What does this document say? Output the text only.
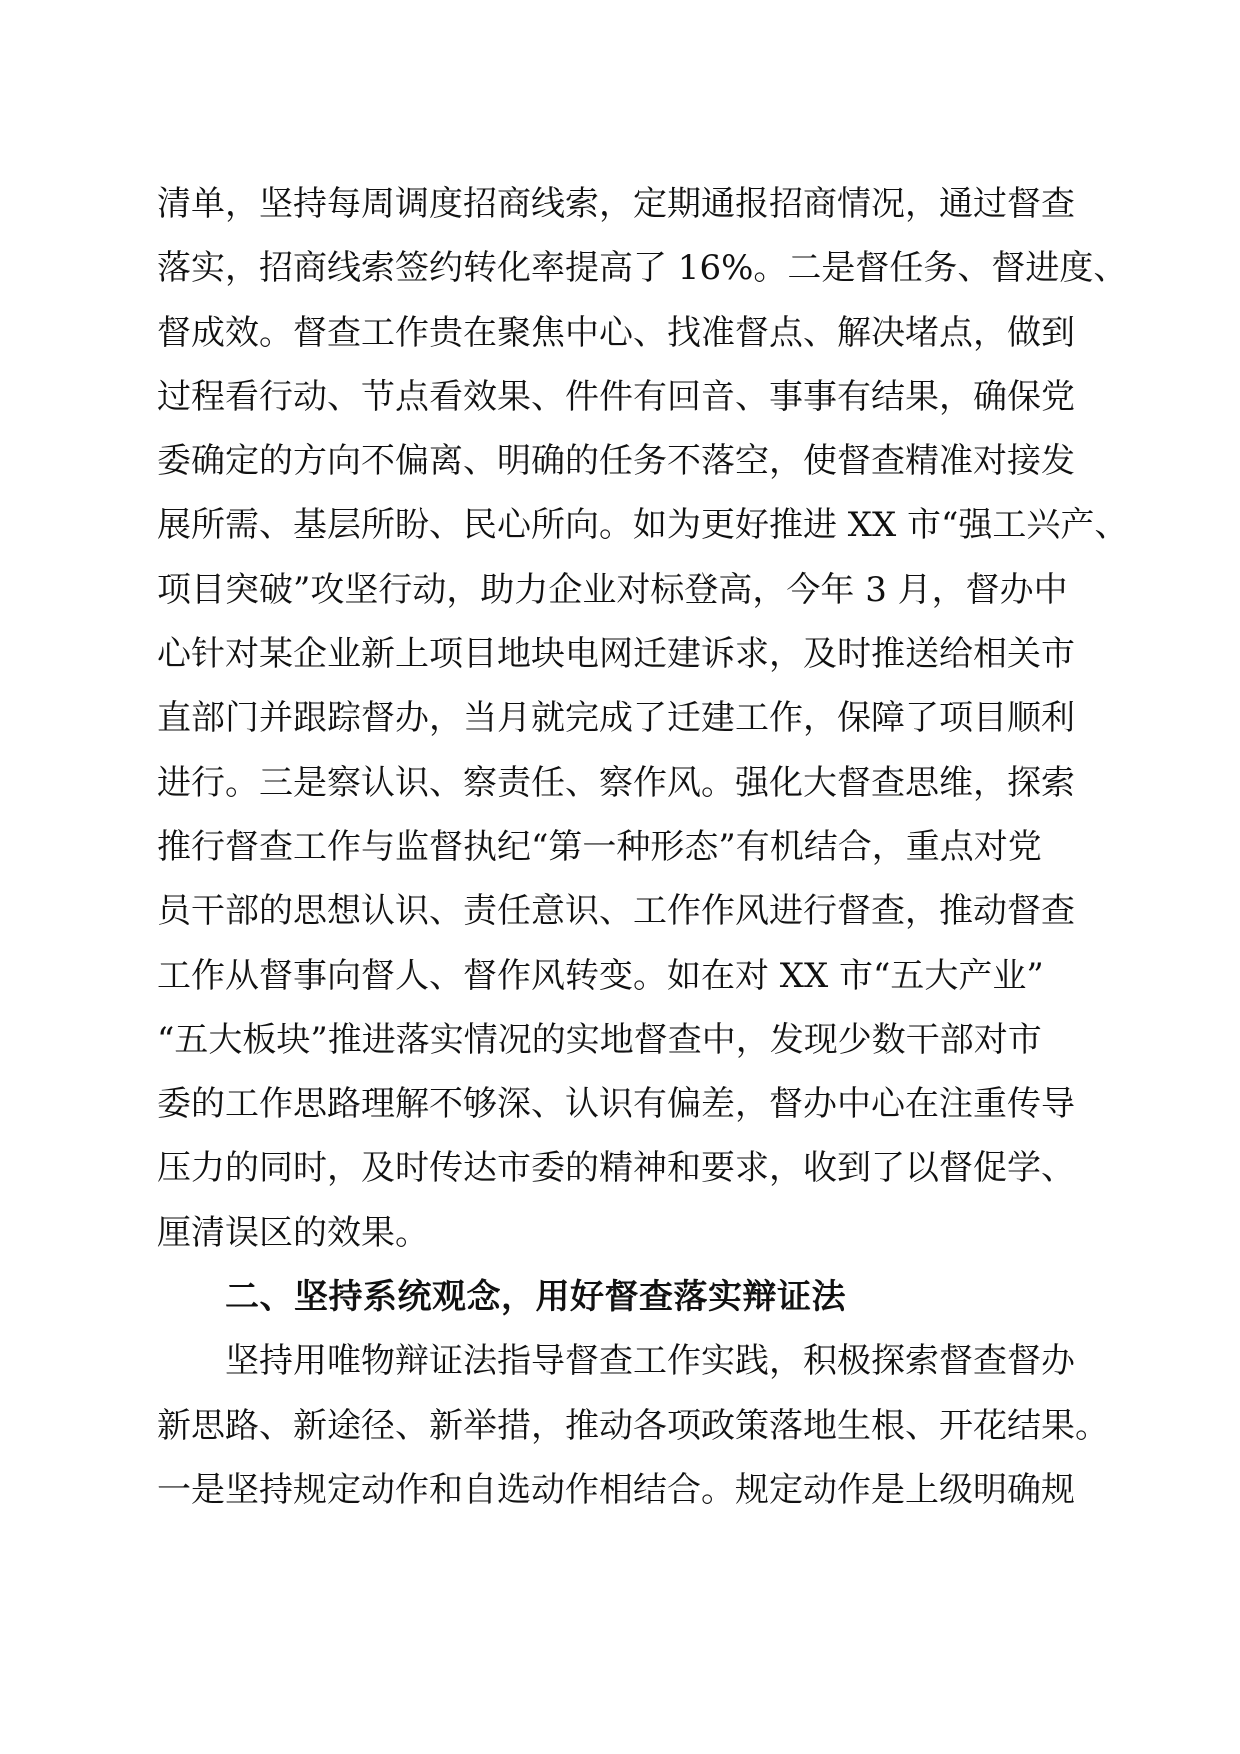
清单，坚持每周调度招商线索，定期通报招商情况，通过督查
落实，招商线索签约转化率提高了 16%。二是督任务、督进度、
督成效。督查工作贵在聚焦中心、找准督点、解决堵点，做到
过程看行动、节点看效果、件件有回音、事事有结果，确保党
委确定的方向不偏离、明确的任务不落空，使督查精准对接发
展所需、基层所盼、民心所向。如为更好推进 XX 市“强工兴产、
项目突破”攻坚行动，助力企业对标登高，今年 3 月，督办中
心针对某企业新上项目地块电网迁建诉求，及时推送给相关市
直部门并跟踪督办，当月就完成了迁建工作，保障了项目顺利
进行。三是察认识、察责任、察作风。强化大督查思维，探索
推行督查工作与监督执纪“第一种形态”有机结合，重点对党
员干部的思想认识、责任意识、工作作风进行督查，推动督查
工作从督事向督人、督作风转变。如在对 XX 市“五大产业”
“五大板块”推进落实情况的实地督查中，发现少数干部对市
委的工作思路理解不够深、认识有偏差，督办中心在注重传导
压力的同时，及时传达市委的精神和要求，收到了以督促学、
厘清误区的效果。
二、坚持系统观念，用好督查落实辩证法
坚持用唯物辩证法指导督查工作实践，积极探索督查督办
新思路、新途径、新举措，推动各项政策落地生根、开花结果。
一是坚持规定动作和自选动作相结合。规定动作是上级明确规
